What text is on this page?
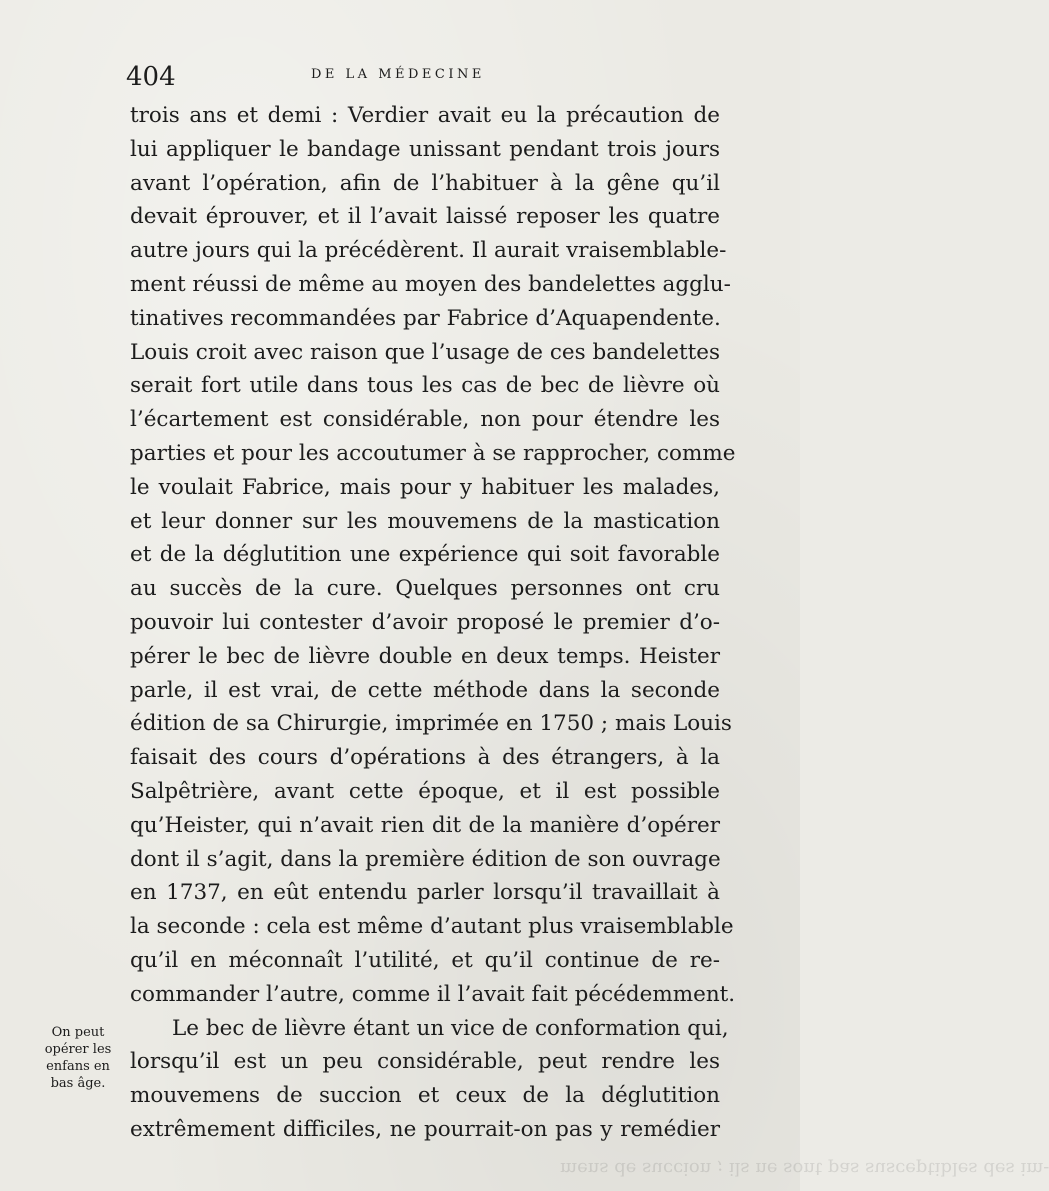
404	DE LA MÉDECINE
trois ans et demi : Verdier avait eu la précaution de
lui appliquer le bandage unissant pendant trois jours
avant l’opération, afin de l’habituer à la gêne qu’il
devait éprouver, et il l’avait laissé reposer les quatre
autre jours qui la précédèrent. Il aurait vraisemblable-
ment réussi de même au moyen des bandelettes agglu-
tinatives recommandées par Fabrice d’Aquapendente.
Louis croit avec raison que l’usage de ces bandelettes
serait fort utile dans tous les cas de bec de lièvre où
l’écartement est considérable, non pour étendre les
parties et pour les accoutumer à se rapprocher, comme
le voulait Fabrice, mais pour y habituer les malades,
et leur donner sur les mouvemens de la mastication
et de la déglutition une expérience qui soit favorable
au succès de la cure. Quelques personnes ont cru
pouvoir lui contester d’avoir proposé le premier d’o-
pérer le bec de lièvre double en deux temps. Heister
parle, il est vrai, de cette méthode dans la seconde
édition de sa Chirurgie, imprimée en 1750 ; mais Louis
faisait des cours d’opérations à des étrangers, à la
Salpêtrière, avant cette époque, et il est possible
qu’Heister, qui n’avait rien dit de la manière d’opérer
dont il s’agit, dans la première édition de son ouvrage
en 1737, en eût entendu parler lorsqu’il travaillait à
la seconde : cela est même d’autant plus vraisemblable
qu’il en méconnaît l’utilité, et qu’il continue de re-
commander l’autre, comme il l’avait fait pécédemment.
Le bec de lièvre étant un vice de conformation qui,
lorsqu’il est un peu considérable, peut rendre les
mouvemens de succion et ceux de la déglutition
extrêmement difficiles, ne pourrait-on pas y remédier
On peut
opérer les
enfans en
bas âge.
mens de succion ; ils ne sont pas susceptibles des im-
